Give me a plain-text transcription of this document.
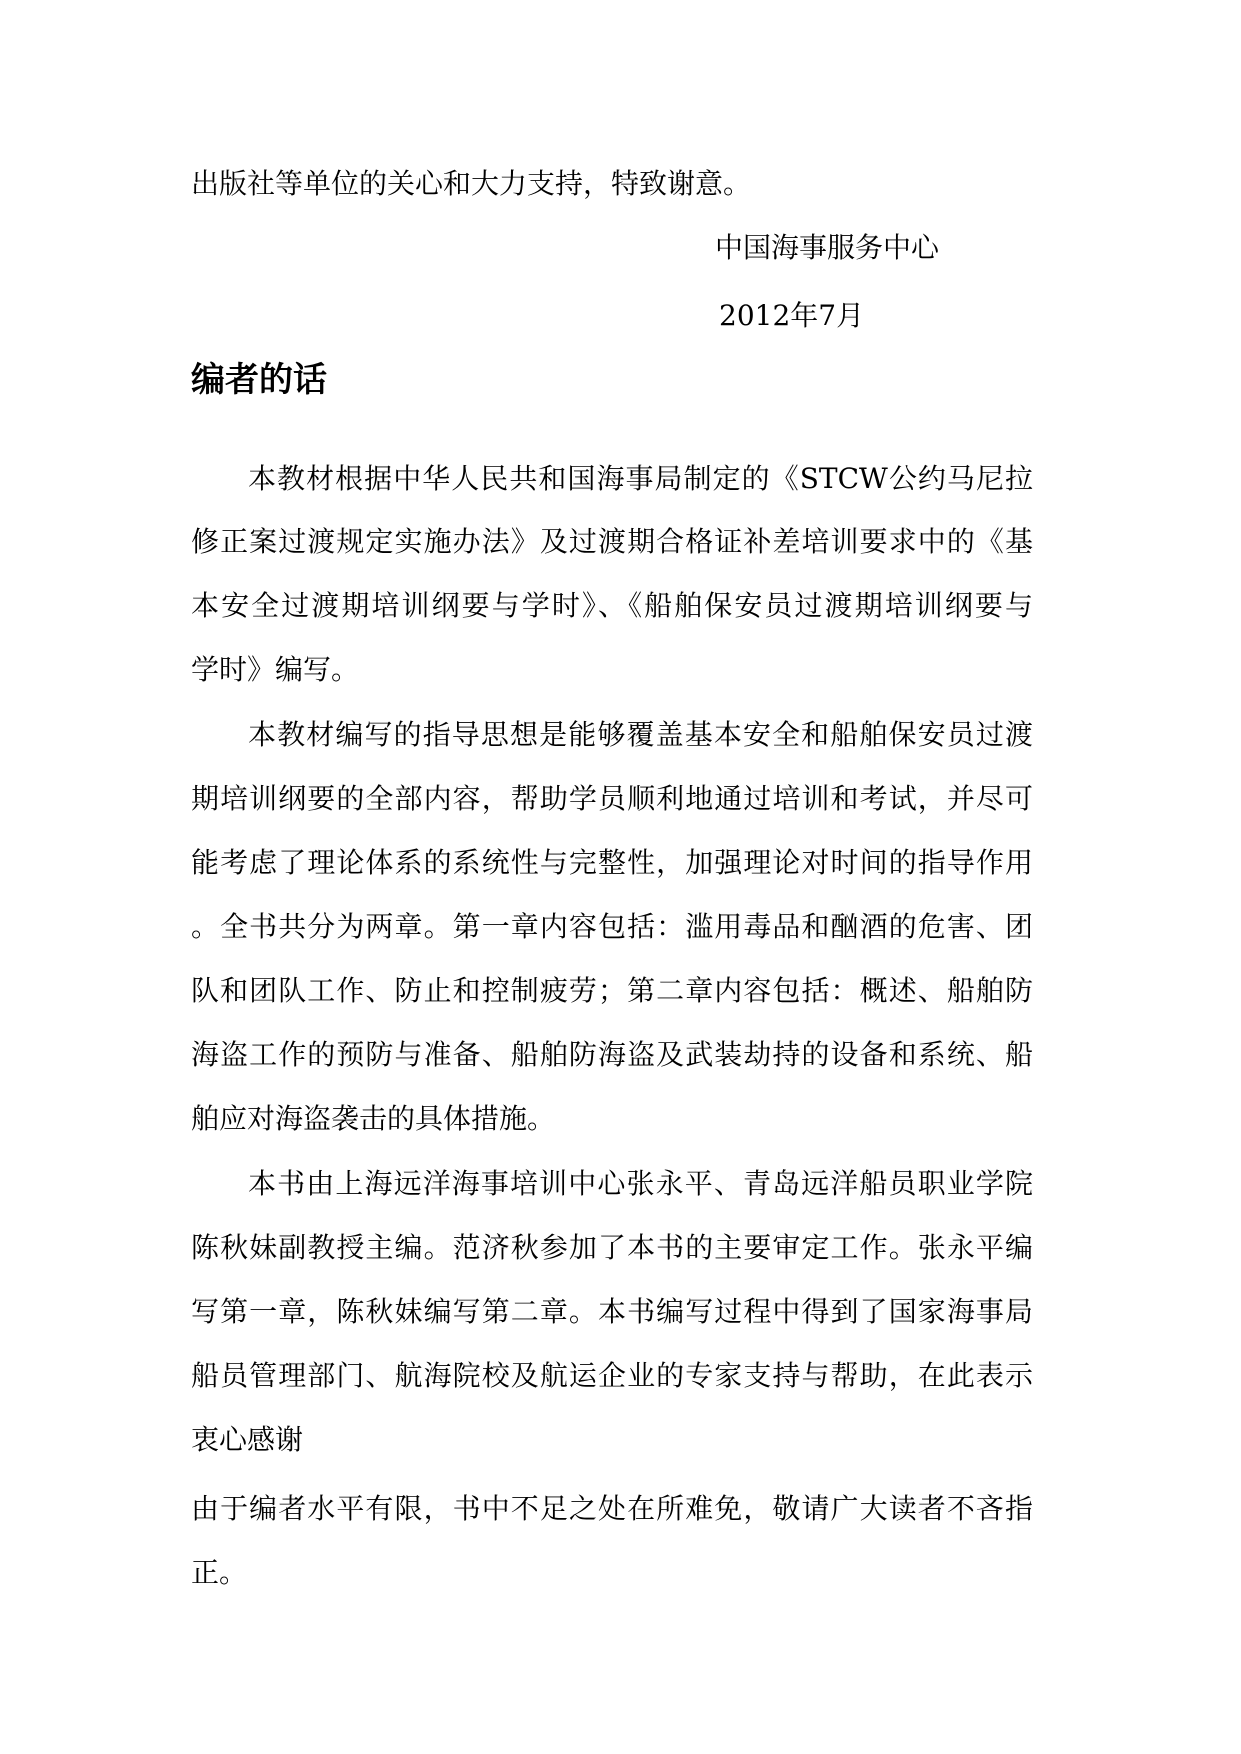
出版社等单位的关心和大力支持，特致谢意。

中国海事服务中心

2012年7月

编者的话

本教材根据中华人民共和国海事局制定的《STCW公约马尼拉

修正案过渡规定实施办法》及过渡期合格证补差培训要求中的《基

本安全过渡期培训纲要与学时》、《船舶保安员过渡期培训纲要与

学时》编写。

本教材编写的指导思想是能够覆盖基本安全和船舶保安员过渡

期培训纲要的全部内容，帮助学员顺利地通过培训和考试，并尽可

能考虑了理论体系的系统性与完整性，加强理论对时间的指导作用

。全书共分为两章。第一章内容包括：滥用毒品和酗酒的危害、团

队和团队工作、防止和控制疲劳；第二章内容包括：概述、船舶防

海盗工作的预防与准备、船舶防海盗及武装劫持的设备和系统、船

舶应对海盗袭击的具体措施。

本书由上海远洋海事培训中心张永平、青岛远洋船员职业学院

陈秋妹副教授主编。范济秋参加了本书的主要审定工作。张永平编

写第一章，陈秋妹编写第二章。本书编写过程中得到了国家海事局

船员管理部门、航海院校及航运企业的专家支持与帮助，在此表示

衷心感谢

由于编者水平有限，书中不足之处在所难免，敬请广大读者不吝指

正。
